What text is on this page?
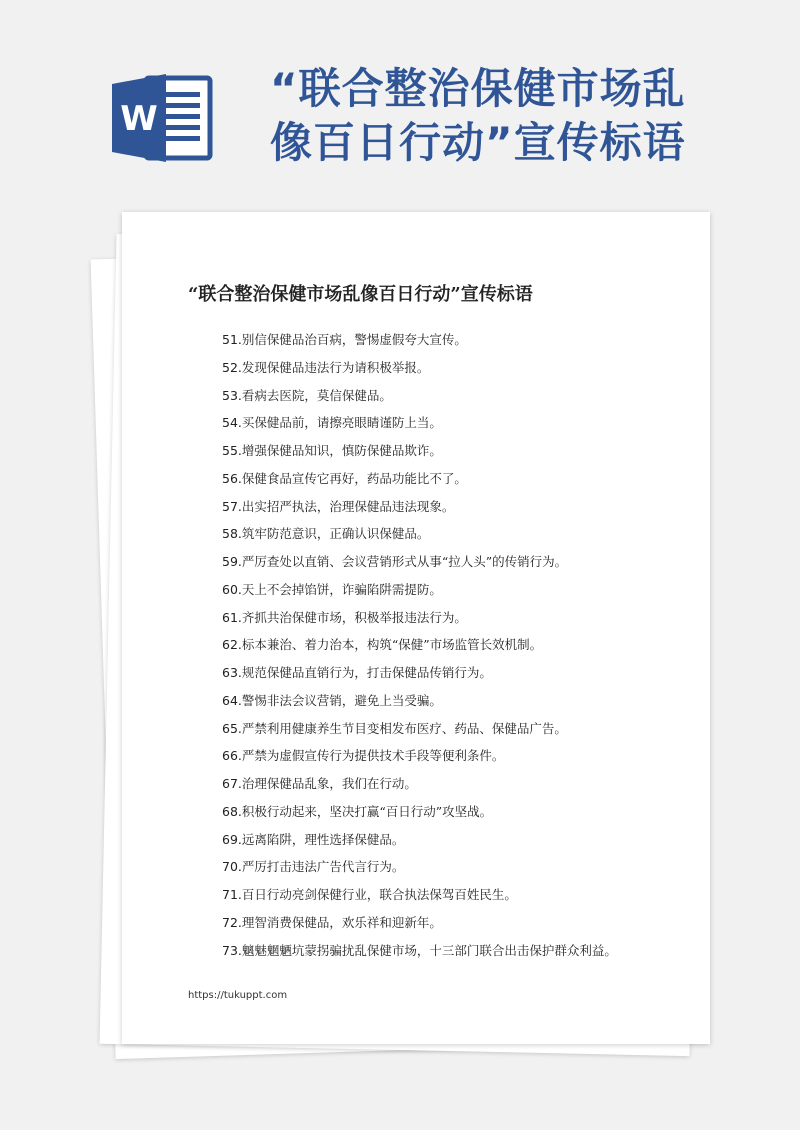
W
“联合整治保健市场乱像百日行动”宣传标语
“联合整治保健市场乱像百日行动”宣传标语
51.别信保健品治百病，警惕虚假夸大宣传。
52.发现保健品违法行为请积极举报。
53.看病去医院，莫信保健品。
54.买保健品前，请擦亮眼睛谨防上当。
55.增强保健品知识，慎防保健品欺诈。
56.保健食品宣传它再好，药品功能比不了。
57.出实招严执法，治理保健品违法现象。
58.筑牢防范意识，正确认识保健品。
59.严厉查处以直销、会议营销形式从事“拉人头”的传销行为。
60.天上不会掉馅饼，诈骗陷阱需提防。
61.齐抓共治保健市场，积极举报违法行为。
62.标本兼治、着力治本，构筑“保健”市场监管长效机制。
63.规范保健品直销行为，打击保健品传销行为。
64.警惕非法会议营销，避免上当受骗。
65.严禁利用健康养生节目变相发布医疗、药品、保健品广告。
66.严禁为虚假宣传行为提供技术手段等便利条件。
67.治理保健品乱象，我们在行动。
68.积极行动起来，坚决打赢“百日行动”攻坚战。
69.远离陷阱，理性选择保健品。
70.严厉打击违法广告代言行为。
71.百日行动亮剑保健行业，联合执法保驾百姓民生。
72.理智消费保健品，欢乐祥和迎新年。
73.魑魅魍魉坑蒙拐骗扰乱保健市场，十三部门联合出击保护群众利益。
https://tukuppt.com
